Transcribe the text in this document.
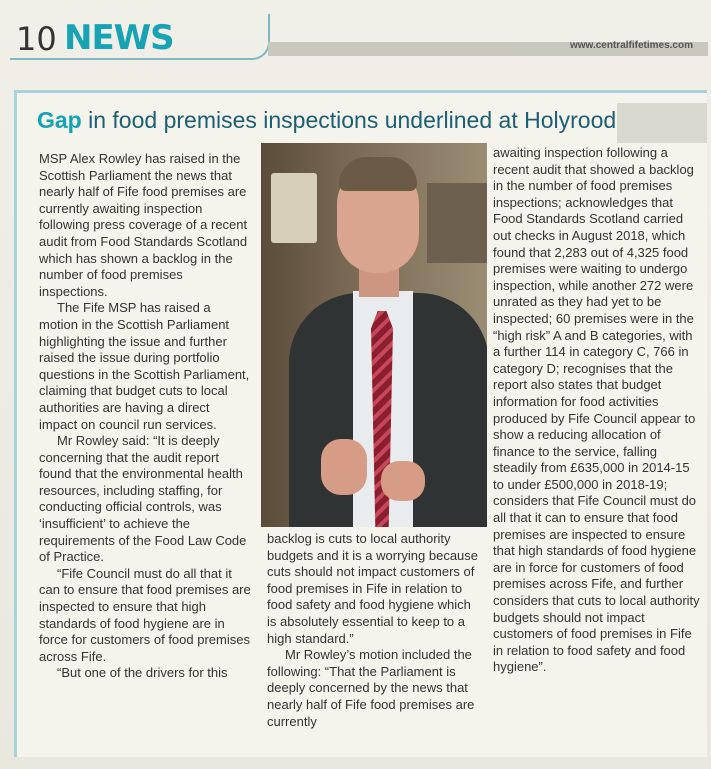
10 NEWS	www.centralfifetimes.com
Gap in food premises inspections underlined at Holyrood

MSP Alex Rowley has raised in the Scottish Parliament the news that nearly half of Fife food premises are currently awaiting inspection following press coverage of a recent audit from Food Standards Scotland which has shown a backlog in the number of food premises inspections.

The Fife MSP has raised a motion in the Scottish Parliament highlighting the issue and further raised the issue during portfolio questions in the Scottish Parliament, claiming that budget cuts to local authorities are having a direct impact on council run services.

Mr Rowley said: “It is deeply concerning that the audit report found that the environmental health resources, including staffing, for conducting official controls, was ‘insufficient’ to achieve the requirements of the Food Law Code of Practice.

“Fife Council must do all that it can to ensure that food premises are inspected to ensure that high standards of food hygiene are in force for customers of food premises across Fife.

“But one of the drivers for this

backlog is cuts to local authority budgets and it is a worrying because cuts should not impact customers of food premises in Fife in relation to food safety and food hygiene which is absolutely essential to keep to a high standard.”

Mr Rowley’s motion included the following: “That the Parliament is deeply concerned by the news that nearly half of Fife food premises are currently

awaiting inspection following a recent audit that showed a backlog in the number of food premises inspections; acknowledges that Food Standards Scotland carried out checks in August 2018, which found that 2,283 out of 4,325 food premises were waiting to undergo inspection, while another 272 were unrated as they had yet to be inspected; 60 premises were in the “high risk” A and B categories, with a further 114 in category C, 766 in category D; recognises that the report also states that budget information for food activities produced by Fife Council appear to show a reducing allocation of finance to the service, falling steadily from £635,000 in 2014-15 to under £500,000 in 2018-19; considers that Fife Council must do all that it can to ensure that food premises are inspected to ensure that high standards of food hygiene are in force for customers of food premises across Fife, and further considers that cuts to local authority budgets should not impact customers of food premises in Fife in relation to food safety and food hygiene”.
